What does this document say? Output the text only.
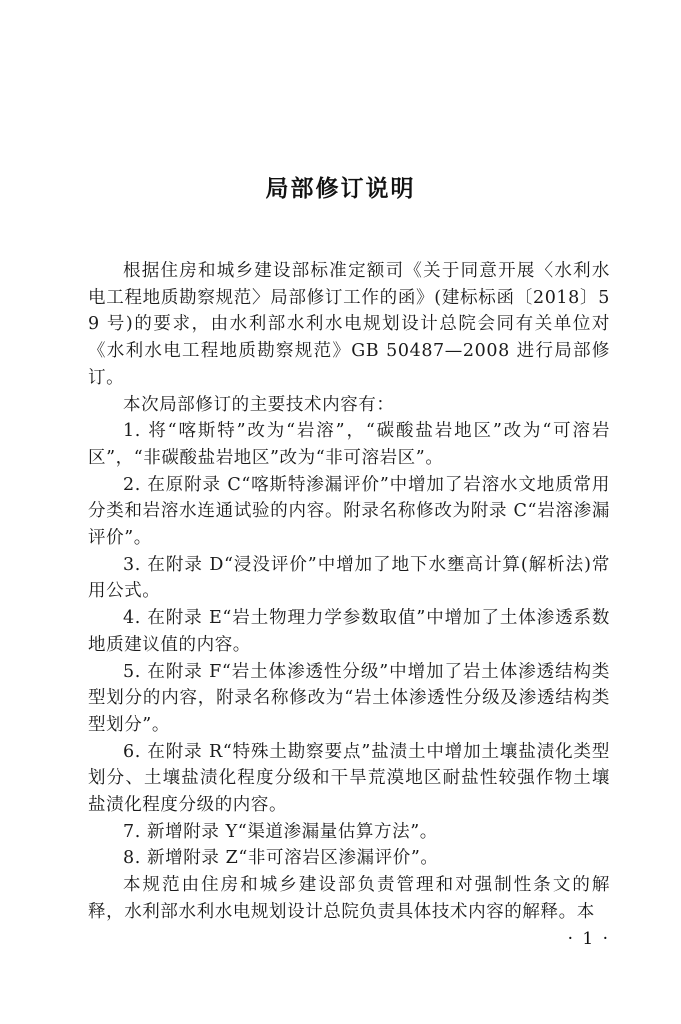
局部修订说明

根据住房和城乡建设部标准定额司《关于同意开展〈水利水电工程地质勘察规范〉局部修订工作的函》(建标标函〔2018〕59 号)的要求，由水利部水利水电规划设计总院会同有关单位对《水利水电工程地质勘察规范》GB 50487—2008 进行局部修订。

本次局部修订的主要技术内容有：

1. 将“喀斯特”改为“岩溶”，“碳酸盐岩地区”改为“可溶岩区”，“非碳酸盐岩地区”改为“非可溶岩区”。

2. 在原附录 C“喀斯特渗漏评价”中增加了岩溶水文地质常用分类和岩溶水连通试验的内容。附录名称修改为附录 C“岩溶渗漏评价”。

3. 在附录 D“浸没评价”中增加了地下水壅高计算(解析法)常用公式。

4. 在附录 E“岩土物理力学参数取值”中增加了土体渗透系数地质建议值的内容。

5. 在附录 F“岩土体渗透性分级”中增加了岩土体渗透结构类型划分的内容，附录名称修改为“岩土体渗透性分级及渗透结构类型划分”。

6. 在附录 R“特殊土勘察要点”盐渍土中增加土壤盐渍化类型划分、土壤盐渍化程度分级和干旱荒漠地区耐盐性较强作物土壤盐渍化程度分级的内容。

7. 新增附录 Y“渠道渗漏量估算方法”。

8. 新增附录 Z“非可溶岩区渗漏评价”。

本规范由住房和城乡建设部负责管理和对强制性条文的解释，水利部水利水电规划设计总院负责具体技术内容的解释。本

· 1 ·
